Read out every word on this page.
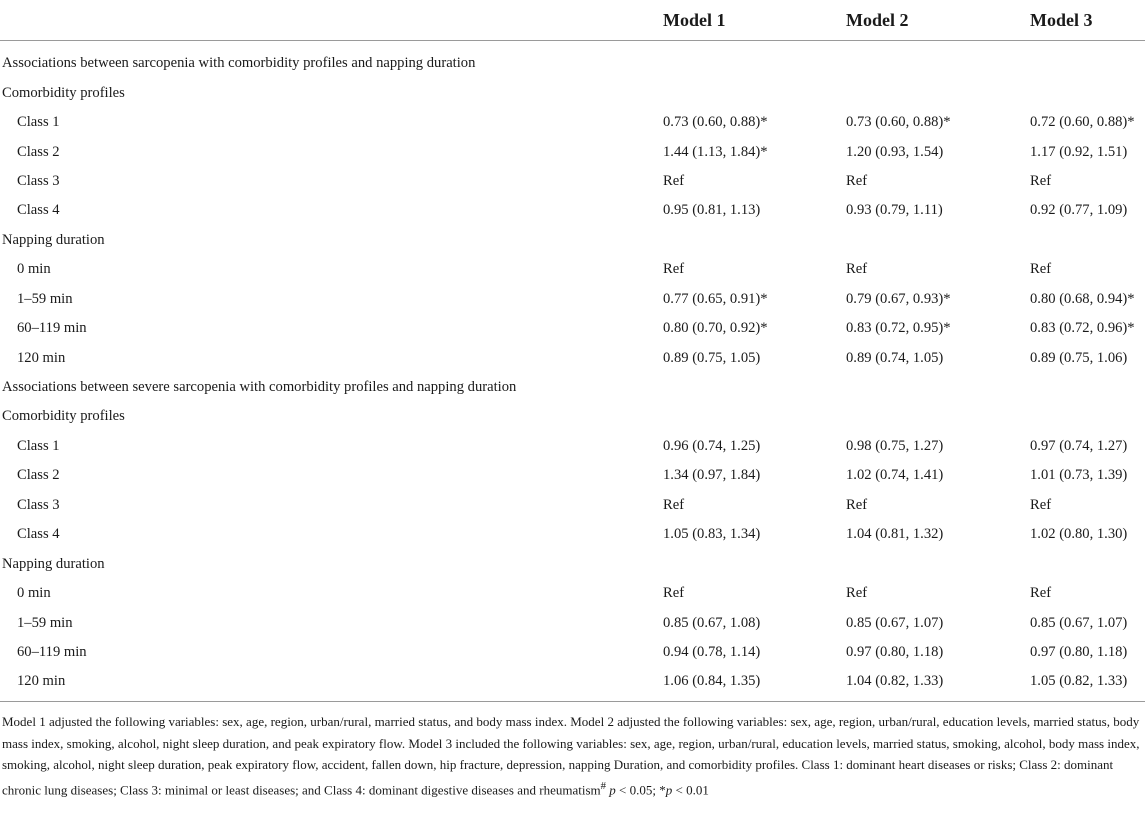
	Model 1	Model 2	Model 3
Associations between sarcopenia with comorbidity profiles and napping duration			
Comorbidity profiles			
Class 1	0.73 (0.60, 0.88)*	0.73 (0.60, 0.88)*	0.72 (0.60, 0.88)*
Class 2	1.44 (1.13, 1.84)*	1.20 (0.93, 1.54)	1.17 (0.92, 1.51)
Class 3	Ref	Ref	Ref
Class 4	0.95 (0.81, 1.13)	0.93 (0.79, 1.11)	0.92 (0.77, 1.09)
Napping duration			
0 min	Ref	Ref	Ref
1–59 min	0.77 (0.65, 0.91)*	0.79 (0.67, 0.93)*	0.80 (0.68, 0.94)*
60–119 min	0.80 (0.70, 0.92)*	0.83 (0.72, 0.95)*	0.83 (0.72, 0.96)*
120 min	0.89 (0.75, 1.05)	0.89 (0.74, 1.05)	0.89 (0.75, 1.06)
Associations between severe sarcopenia with comorbidity profiles and napping duration			
Comorbidity profiles			
Class 1	0.96 (0.74, 1.25)	0.98 (0.75, 1.27)	0.97 (0.74, 1.27)
Class 2	1.34 (0.97, 1.84)	1.02 (0.74, 1.41)	1.01 (0.73, 1.39)
Class 3	Ref	Ref	Ref
Class 4	1.05 (0.83, 1.34)	1.04 (0.81, 1.32)	1.02 (0.80, 1.30)
Napping duration			
0 min	Ref	Ref	Ref
1–59 min	0.85 (0.67, 1.08)	0.85 (0.67, 1.07)	0.85 (0.67, 1.07)
60–119 min	0.94 (0.78, 1.14)	0.97 (0.80, 1.18)	0.97 (0.80, 1.18)
120 min	1.06 (0.84, 1.35)	1.04 (0.82, 1.33)	1.05 (0.82, 1.33)
Model 1 adjusted the following variables: sex, age, region, urban/rural, married status, and body mass index. Model 2 adjusted the following variables: sex, age, region, urban/rural, education levels, married status, body mass index, smoking, alcohol, night sleep duration, and peak expiratory flow. Model 3 included the following variables: sex, age, region, urban/rural, education levels, married status, smoking, alcohol, body mass index, smoking, alcohol, night sleep duration, peak expiratory flow, accident, fallen down, hip fracture, depression, napping Duration, and comorbidity profiles. Class 1: dominant heart diseases or risks; Class 2: dominant chronic lung diseases; Class 3: minimal or least diseases; and Class 4: dominant digestive diseases and rheumatism# p < 0.05; *p < 0.01
